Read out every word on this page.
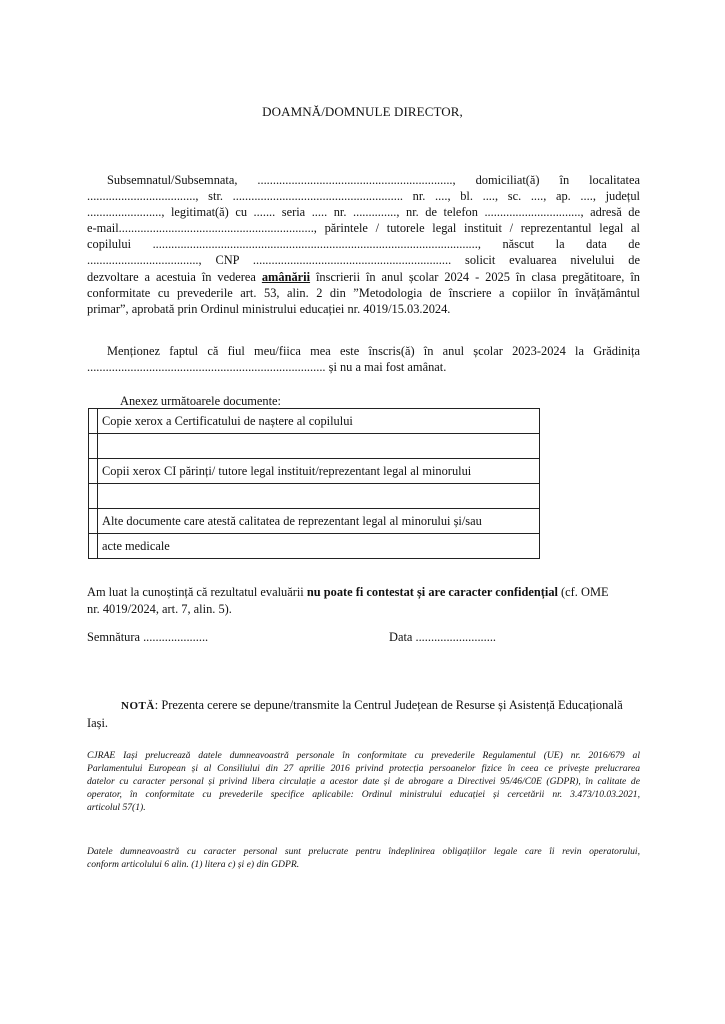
DOAMNĂ/DOMNULE DIRECTOR,
Subsemnatul/Subsemnata, ..............................................................., domiciliat(ă) în localitatea
..................................., str. ....................................................... nr. ...., bl. ...., sc. ...., ap. ...., județul
........................, legitimat(ă) cu ....... seria ..... nr. .............., nr. de telefon ..............................., adresă de
e-mail..............................................................., părintele / tutorele legal instituit / reprezentantul legal al
copilului ........................................................................................................., născut la data de
...................................., CNP ................................................................ solicit evaluarea nivelului de
dezvoltare a acestuia în vederea amânării înscrierii în anul școlar 2024 - 2025 în clasa pregătitoare, în
conformitate cu prevederile art. 53, alin. 2 din ”Metodologia de înscriere a copiilor în învățământul
primar”, aprobată prin Ordinul ministrului educației nr. 4019/15.03.2024.
Menționez faptul că fiul meu/fiica mea este înscris(ă) în anul școlar 2023-2024 la Grădinița
............................................................................. și nu a mai fost amânat.
Anexez următoarele documente:
	Copie xerox a Certificatului de naștere al copilului

	Copii xerox CI părinți/ tutore legal instituit/reprezentant legal al minorului

	Alte documente care atestă calitatea de reprezentant legal al minorului și/sau
	acte medicale
Am luat la cunoștință că rezultatul evaluării nu poate fi contestat și are caracter confidențial (cf. OME
nr. 4019/2024, art. 7, alin. 5).
Semnătura .....................	Data ..........................
NOTĂ: Prezenta cerere se depune/transmite la Centrul Județean de Resurse și Asistență Educațională
Iași.
CJRAE Iași prelucrează datele dumneavoastră personale în conformitate cu prevederile Regulamentul (UE) nr. 2016/679 al
Parlamentului European și al Consiliului din 27 aprilie 2016 privind protecția persoanelor fizice în ceea ce privește prelucrarea
datelor cu caracter personal și privind libera circulație a acestor date și de abrogare a Directivei 95/46/C0E (GDPR), în calitate de
operator, în conformitate cu prevederile specifice aplicabile: Ordinul ministrului educației și cercetării nr. 3.473/10.03.2021,
articolul 57(1).
Datele dumneavoastră cu caracter personal sunt prelucrate pentru îndeplinirea obligațiilor legale care îi revin operatorului,
conform articolului 6 alin. (1) litera c) și e) din GDPR.
